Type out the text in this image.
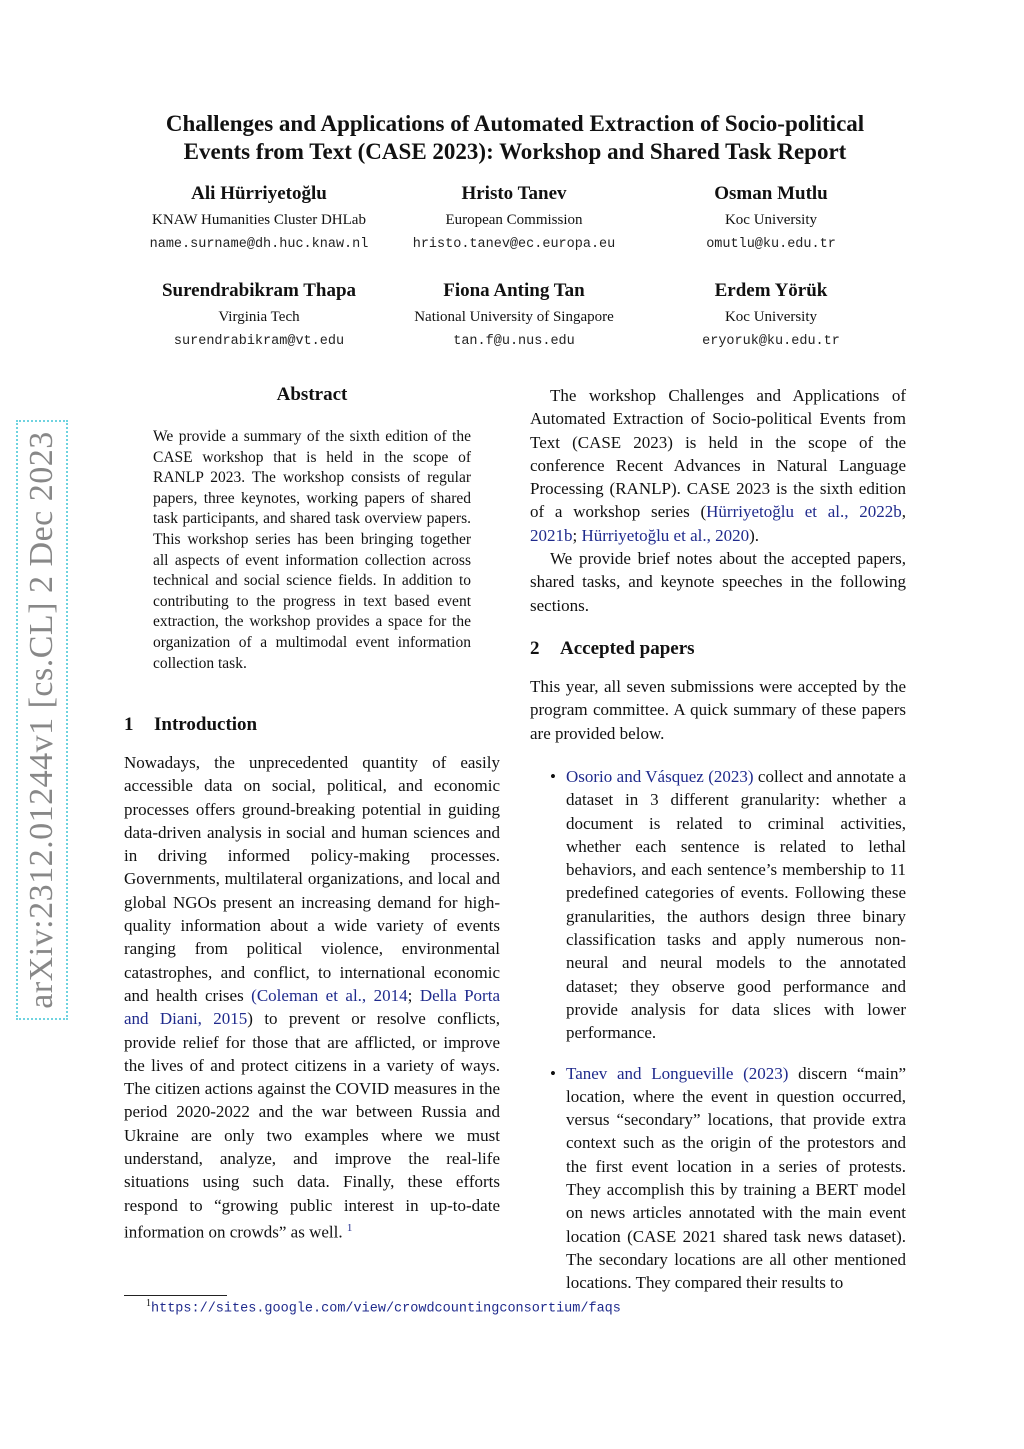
Challenges and Applications of Automated Extraction of Socio-political
Events from Text (CASE 2023): Workshop and Shared Task Report
Ali Hürriyetoğlu
KNAW Humanities Cluster DHLab
name.surname@dh.huc.knaw.nl
Hristo Tanev
European Commission
hristo.tanev@ec.europa.eu
Osman Mutlu
Koc University
omutlu@ku.edu.tr
Surendrabikram Thapa
Virginia Tech
surendrabikram@vt.edu
Fiona Anting Tan
National University of Singapore
tan.f@u.nus.edu
Erdem Yörük
Koc University
eryoruk@ku.edu.tr
arXiv:2312.01244v1 [cs.CL] 2 Dec 2023
Abstract
We provide a summary of the sixth edition of the CASE workshop that is held in the scope of RANLP 2023. The workshop consists of regular papers, three keynotes, working papers of shared task participants, and shared task overview papers. This workshop series has been bringing together all aspects of event information collection across technical and social science fields. In addition to contributing to the progress in text based event extraction, the workshop provides a space for the organization of a multimodal event information collection task.
1 Introduction

Nowadays, the unprecedented quantity of easily accessible data on social, political, and economic processes offers ground-breaking potential in guiding data-driven analysis in social and human sciences and in driving informed policy-making processes. Governments, multilateral organizations, and local and global NGOs present an increasing demand for high-quality information about a wide variety of events ranging from political violence, environmental catastrophes, and conflict, to international economic and health crises (Coleman et al., 2014; Della Porta and Diani, 2015) to prevent or resolve conflicts, provide relief for those that are afflicted, or improve the lives of and protect citizens in a variety of ways. The citizen actions against the COVID measures in the period 2020-2022 and the war between Russia and Ukraine are only two examples where we must understand, analyze, and improve the real-life situations using such data. Finally, these efforts respond to “growing public interest in up-to-date information on crowds” as well. $^1$

The workshop Challenges and Applications of Automated Extraction of Socio-political Events from Text (CASE 2023) is held in the scope of the conference Recent Advances in Natural Language Processing (RANLP). CASE 2023 is the sixth edition of a workshop series (Hürriyetoğlu et al., 2022b, 2021b; Hürriyetoğlu et al., 2020).

We provide brief notes about the accepted papers, shared tasks, and keynote speeches in the following sections.

2 Accepted papers
This year, all seven submissions were accepted by the program committee. A quick summary of these papers are provided below.
• Osorio and Vásquez (2023) collect and annotate a dataset in 3 different granularity: whether a document is related to criminal activities, whether each sentence is related to lethal behaviors, and each sentence’s membership to 11 predefined categories of events. Following these granularities, the authors design three binary classification tasks and apply numerous non-neural and neural models to the annotated dataset; they observe good performance and provide analysis for data slices with lower performance.
• Tanev and Longueville (2023) discern “main” location, where the event in question occurred, versus “secondary” locations, that provide extra context such as the origin of the protestors and the first event location in a series of protests. They accomplish this by training a BERT model on news articles annotated with the main event location (CASE 2021 shared task news dataset). The secondary locations are all other mentioned locations. They compared their results to
$^1$https://sites.google.com/view/crowdcountingconsortium/faqs
